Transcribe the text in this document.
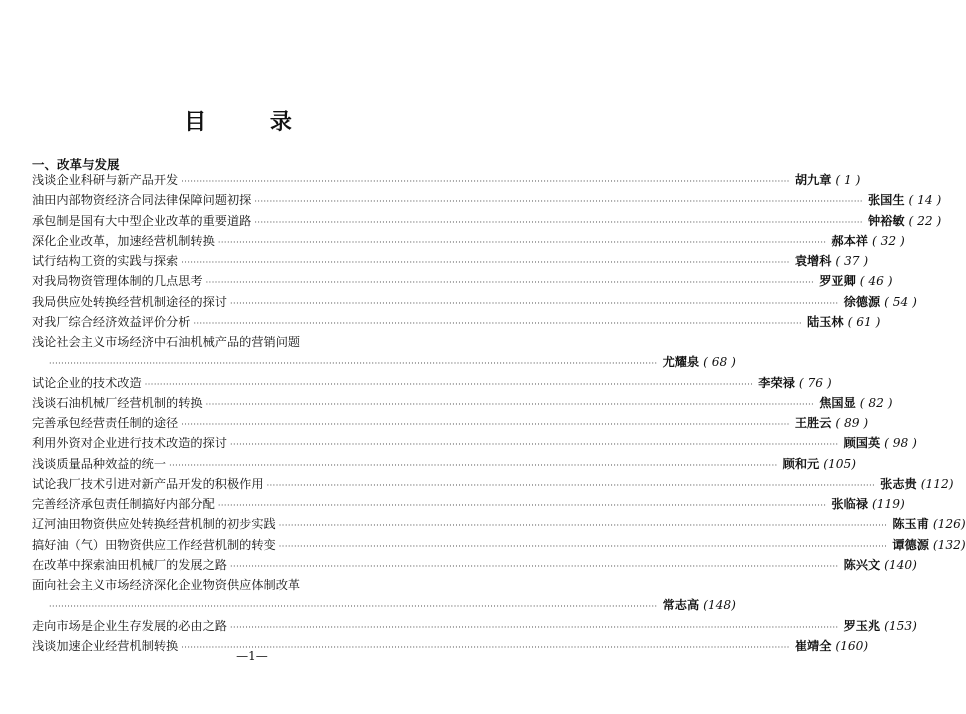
目 录
一、改革与发展
浅谈企业科研与新产品开发 ········································································································································································································ 胡九章 ( 1 )
油田内部物资经济合同法律保障问题初探 ········································································································································································································ 张国生 ( 14 )
承包制是国有大中型企业改革的重要道路 ········································································································································································································ 钟裕敏 ( 22 )
深化企业改革，加速经营机制转换 ········································································································································································································ 郝本祥 ( 32 )
试行结构工资的实践与探索 ········································································································································································································ 袁增科 ( 37 )
对我局物资管理体制的几点思考 ········································································································································································································ 罗亚卿 ( 46 )
我局供应处转换经营机制途径的探讨 ········································································································································································································ 徐德源 ( 54 )
对我厂综合经济效益评价分析 ········································································································································································································ 陆玉林 ( 61 )
浅论社会主义市场经济中石油机械产品的营销问题
········································································································································································································ 尤耀泉 ( 68 )
试论企业的技术改造 ········································································································································································································ 李荣禄 ( 76 )
浅谈石油机械厂经营机制的转换 ········································································································································································································ 焦国显 ( 82 )
完善承包经营责任制的途径 ········································································································································································································ 王胜云 ( 89 )
利用外资对企业进行技术改造的探讨 ········································································································································································································ 顾国英 ( 98 )
浅谈质量品种效益的统一 ········································································································································································································ 顾和元 (105)
试论我厂技术引进对新产品开发的积极作用 ········································································································································································································ 张志贵 (112)
完善经济承包责任制搞好内部分配 ········································································································································································································ 张临禄 (119)
辽河油田物资供应处转换经营机制的初步实践 ········································································································································································································ 陈玉甫 (126)
搞好油（气）田物资供应工作经营机制的转变 ········································································································································································································ 谭德源 (132)
在改革中探索油田机械厂的发展之路 ········································································································································································································ 陈兴文 (140)
面向社会主义市场经济深化企业物资供应体制改革
········································································································································································································ 常志高 (148)
走向市场是企业生存发展的必由之路 ········································································································································································································ 罗玉兆 (153)
浅谈加速企业经营机制转换 ········································································································································································································ 崔靖全 (160)
—1—
